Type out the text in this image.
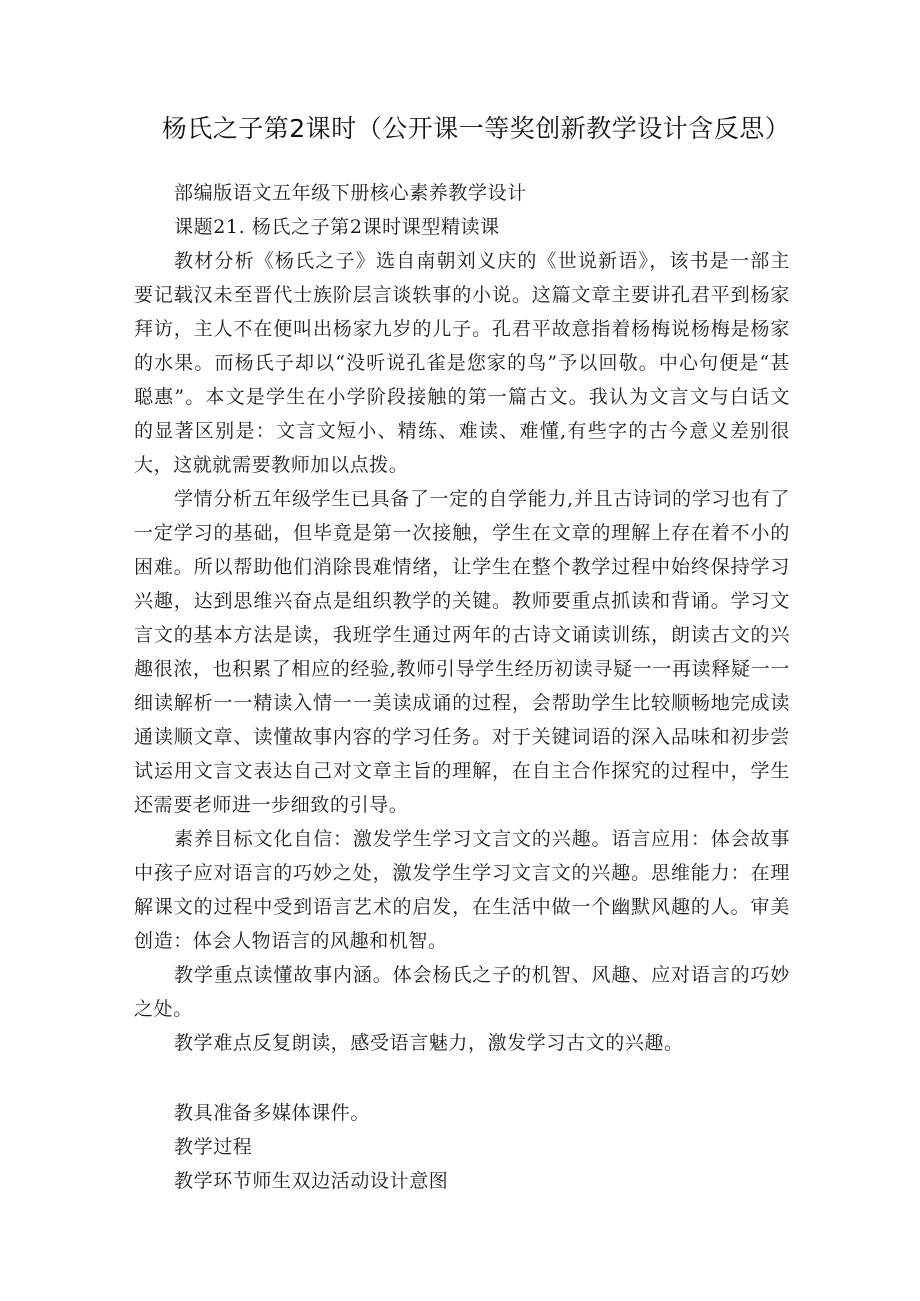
杨氏之子第2课时（公开课一等奖创新教学设计含反思）

部编版语文五年级下册核心素养教学设计

课题21. 杨氏之子第2课时课型精读课

教材分析《杨氏之子》选自南朝刘义庆的《世说新语》，该书是一部主要记载汉未至晋代士族阶层言谈轶事的小说。这篇文章主要讲孔君平到杨家拜访，主人不在便叫出杨家九岁的儿子。孔君平故意指着杨梅说杨梅是杨家的水果。而杨氏子却以“没听说孔雀是您家的鸟”予以回敬。中心句便是“甚聪惠”。本文是学生在小学阶段接触的第一篇古文。我认为文言文与白话文的显著区别是：文言文短小、精练、难读、难懂,有些字的古今意义差别很大，这就就需要教师加以点拨。

学情分析五年级学生已具备了一定的自学能力,并且古诗词的学习也有了一定学习的基础，但毕竟是第一次接触，学生在文章的理解上存在着不小的困难。所以帮助他们消除畏难情绪，让学生在整个教学过程中始终保持学习兴趣，达到思维兴奋点是组织教学的关键。教师要重点抓读和背诵。学习文言文的基本方法是读，我班学生通过两年的古诗文诵读训练，朗读古文的兴趣很浓，也积累了相应的经验,教师引导学生经历初读寻疑一一再读释疑一一细读解析一一精读入情一一美读成诵的过程，会帮助学生比较顺畅地完成读通读顺文章、读懂故事内容的学习任务。对于关键词语的深入品味和初步尝试运用文言文表达自己对文章主旨的理解，在自主合作探究的过程中，学生还需要老师进一步细致的引导。

素养目标文化自信：激发学生学习文言文的兴趣。语言应用：体会故事中孩子应对语言的巧妙之处，激发学生学习文言文的兴趣。思维能力：在理解课文的过程中受到语言艺术的启发，在生活中做一个幽默风趣的人。审美创造：体会人物语言的风趣和机智。

教学重点读懂故事内涵。体会杨氏之子的机智、风趣、应对语言的巧妙之处。

教学难点反复朗读，感受语言魅力，激发学习古文的兴趣。

教具准备多媒体课件。

教学过程

教学环节师生双边活动设计意图
